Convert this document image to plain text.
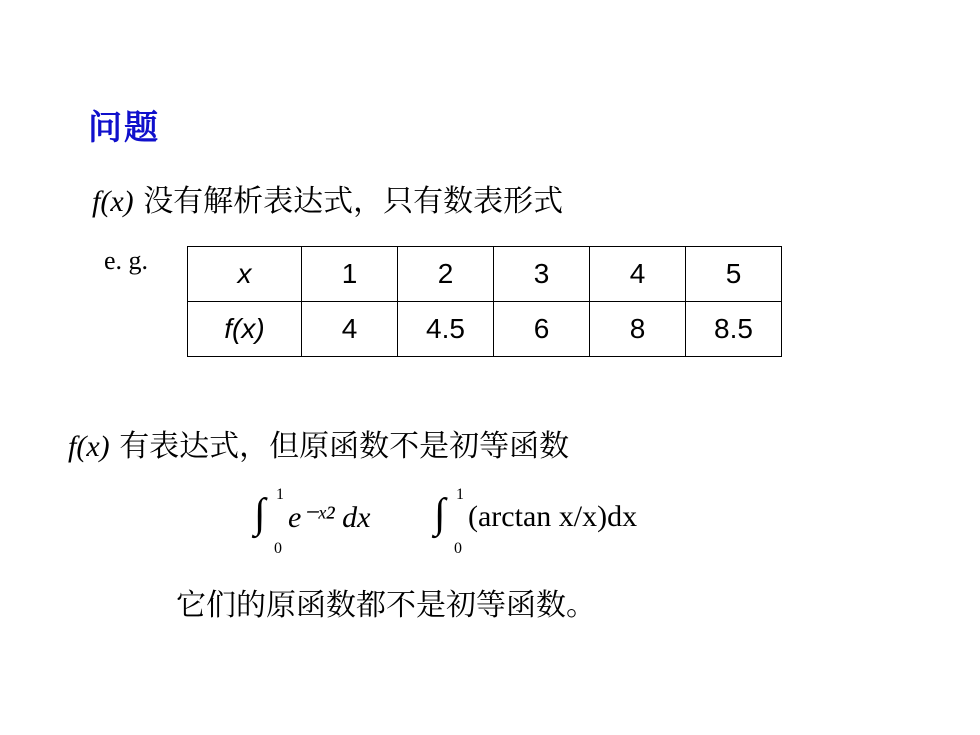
问题
f(x) 没有解析表达式，只有数表形式
e. g.	x	1	2	3	4	5
f(x)	4	4.5	6	8	8.5
f(x) 有表达式，但原函数不是初等函数
∫ 1
0
e⁻ˣ² dx ∫ 1
0
(arctan x/x)dx
它们的原函数都不是初等函数。
